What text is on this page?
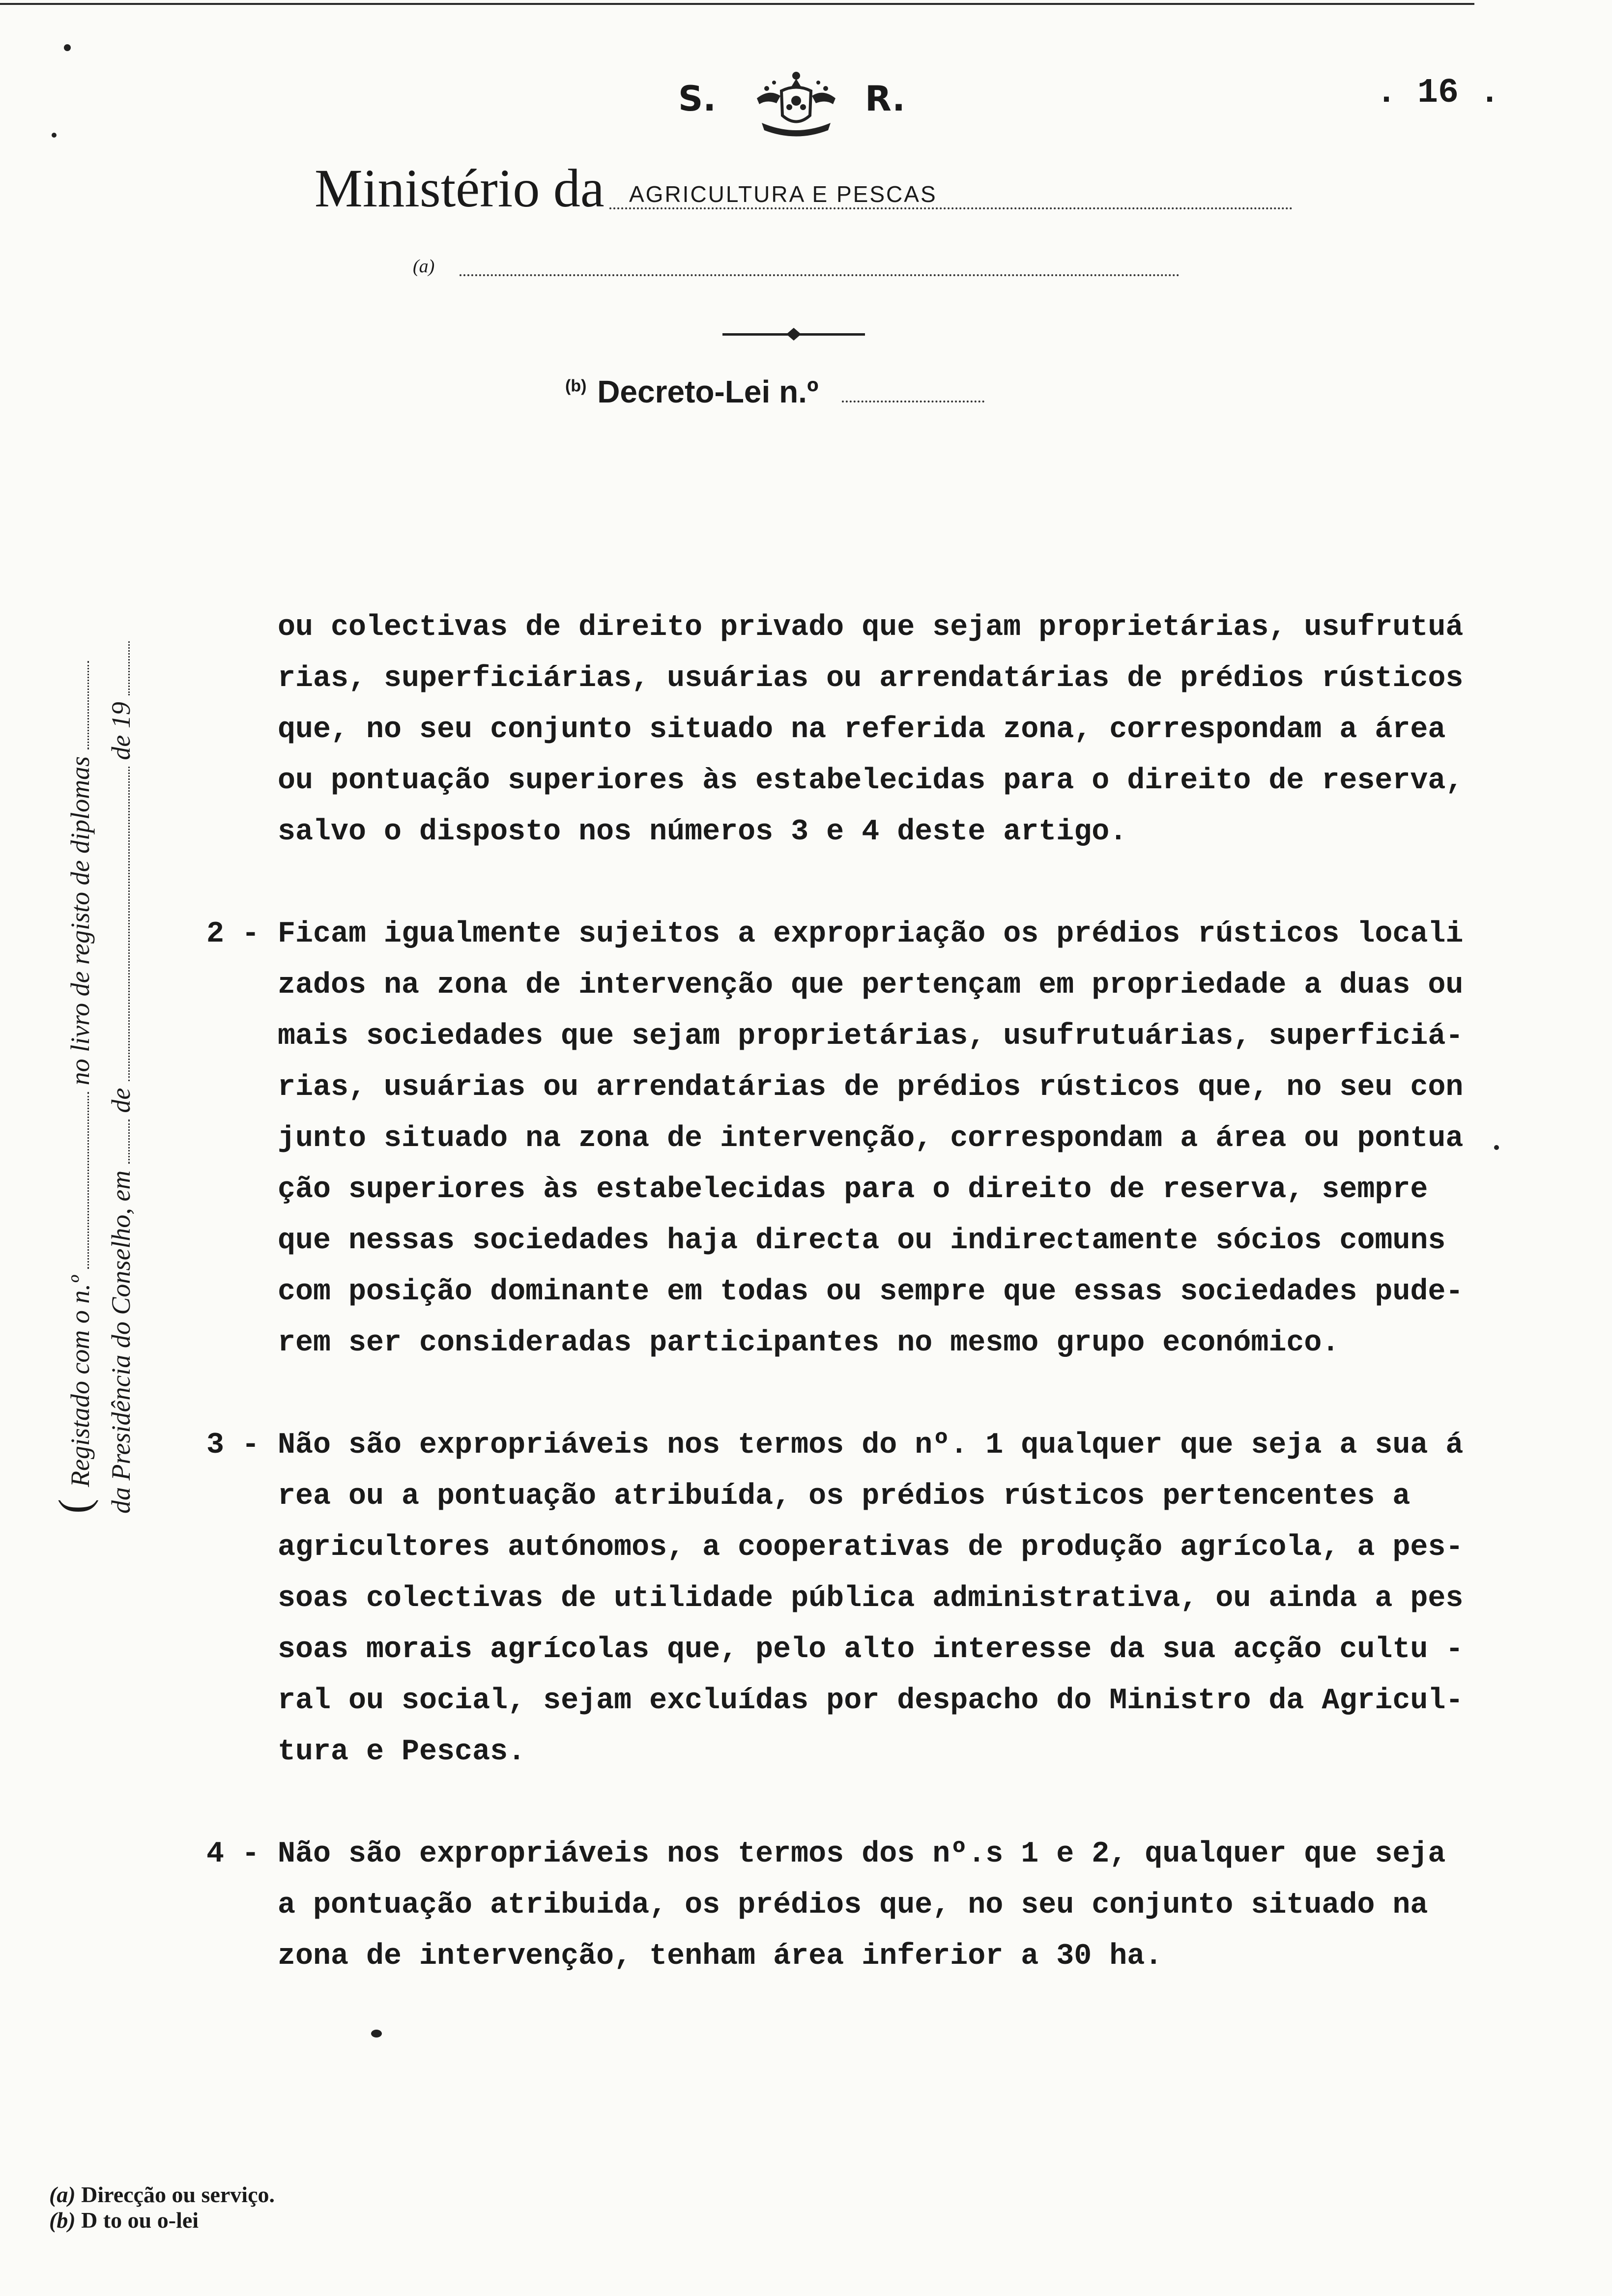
S.	R.	. 16 .
Ministério da	AGRICULTURA E PESCAS
(a)
$^{(b)}$ Decreto-Lei n.º
(Registado com o n.º  no livro de registo de diplomas
da Presidência do Conselho, em  de  de 19
ou colectivas de direito privado que sejam proprietárias, usufrutuá
rias, superficiárias, usuárias ou arrendatárias de prédios rústicos
que, no seu conjunto situado na referida zona, correspondam a área
ou pontuação superiores às estabelecidas para o direito de reserva,
salvo o disposto nos números 3 e 4 deste artigo.
2 - Ficam igualmente sujeitos a expropriação os prédios rústicos locali
zados na zona de intervenção que pertençam em propriedade a duas ou
mais sociedades que sejam proprietárias, usufrutuárias, superficiá-
rias, usuárias ou arrendatárias de prédios rústicos que, no seu con
junto situado na zona de intervenção, correspondam a área ou pontua
ção superiores às estabelecidas para o direito de reserva, sempre
que nessas sociedades haja directa ou indirectamente sócios comuns
com posição dominante em todas ou sempre que essas sociedades pude-
rem ser consideradas participantes no mesmo grupo económico.
3 - Não são expropriáveis nos termos do nº. 1 qualquer que seja a sua á
rea ou a pontuação atribuída, os prédios rústicos pertencentes a
agricultores autónomos, a cooperativas de produção agrícola, a pes-
soas colectivas de utilidade pública administrativa, ou ainda a pes
soas morais agrícolas que, pelo alto interesse da sua acção cultu -
ral ou social, sejam excluídas por despacho do Ministro da Agricul-
tura e Pescas.
4 - Não são expropriáveis nos termos dos nº.s 1 e 2, qualquer que seja
a pontuação atribuida, os prédios que, no seu conjunto situado na
zona de intervenção, tenham área inferior a 30 ha.
(a) Direcção ou serviço.
(b) D to ou o-lei
